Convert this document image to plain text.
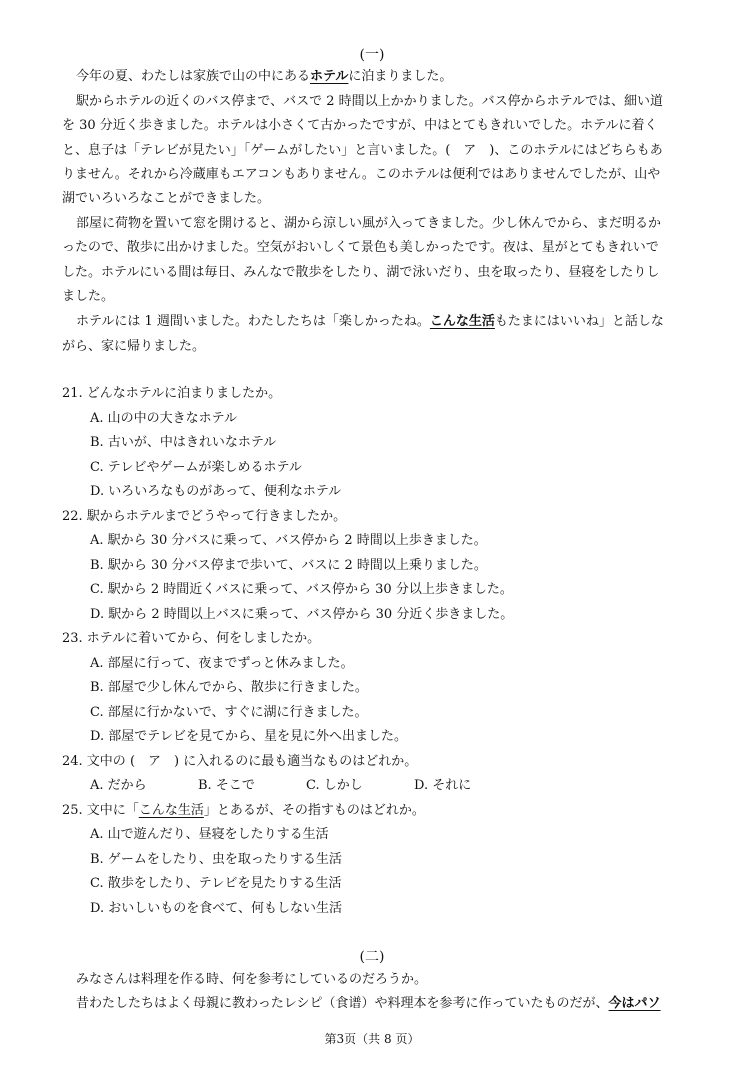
(一)
今年の夏、わたしは家族で山の中にあるホテルに泊まりました。
駅からホテルの近くのバス停まで、バスで 2 時間以上かかりました。バス停からホテルでは、細い道
を 30 分近く歩きました。ホテルは小さくて古かったですが、中はとてもきれいでした。ホテルに着く
と、息子は「テレビが見たい」「ゲームがしたい」と言いました。(　ア　)、このホテルにはどちらもあ
りません。それから冷蔵庫もエアコンもありません。このホテルは便利ではありませんでしたが、山や
湖でいろいろなことができました。
部屋に荷物を置いて窓を開けると、湖から涼しい風が入ってきました。少し休んでから、まだ明るか
ったので、散歩に出かけました。空気がおいしくて景色も美しかったです。夜は、星がとてもきれいで
した。ホテルにいる間は毎日、みんなで散歩をしたり、湖で泳いだり、虫を取ったり、昼寝をしたりし
ました。
ホテルには 1 週間いました。わたしたちは「楽しかったね。こんな生活もたまにはいいね」と話しな
がら、家に帰りました。
21. どんなホテルに泊まりましたか。
A. 山の中の大きなホテル
B. 古いが、中はきれいなホテル
C. テレビやゲームが楽しめるホテル
D. いろいろなものがあって、便利なホテル
22. 駅からホテルまでどうやって行きましたか。
A. 駅から 30 分バスに乗って、バス停から 2 時間以上歩きました。
B. 駅から 30 分バス停まで歩いて、バスに 2 時間以上乗りました。
C. 駅から 2 時間近くバスに乗って、バス停から 30 分以上歩きました。
D. 駅から 2 時間以上バスに乗って、バス停から 30 分近く歩きました。
23. ホテルに着いてから、何をしましたか。
A. 部屋に行って、夜までずっと休みました。
B. 部屋で少し休んでから、散歩に行きました。
C. 部屋に行かないで、すぐに湖に行きました。
D. 部屋でテレビを見てから、星を見に外へ出ました。
24. 文中の (　ア　) に入れるのに最も適当なものはどれか。
A. だから	B. そこで	C. しかし	D. それに
25. 文中に「こんな生活」とあるが、その指すものはどれか。
A. 山で遊んだり、昼寝をしたりする生活
B. ゲームをしたり、虫を取ったりする生活
C. 散歩をしたり、テレビを見たりする生活
D. おいしいものを食べて、何もしない生活
(二)
みなさんは料理を作る時、何を参考にしているのだろうか。
昔わたしたちはよく母親に教わったレシピ（食谱）や料理本を参考に作っていたものだが、今はパソ
第3页（共 8 页）
